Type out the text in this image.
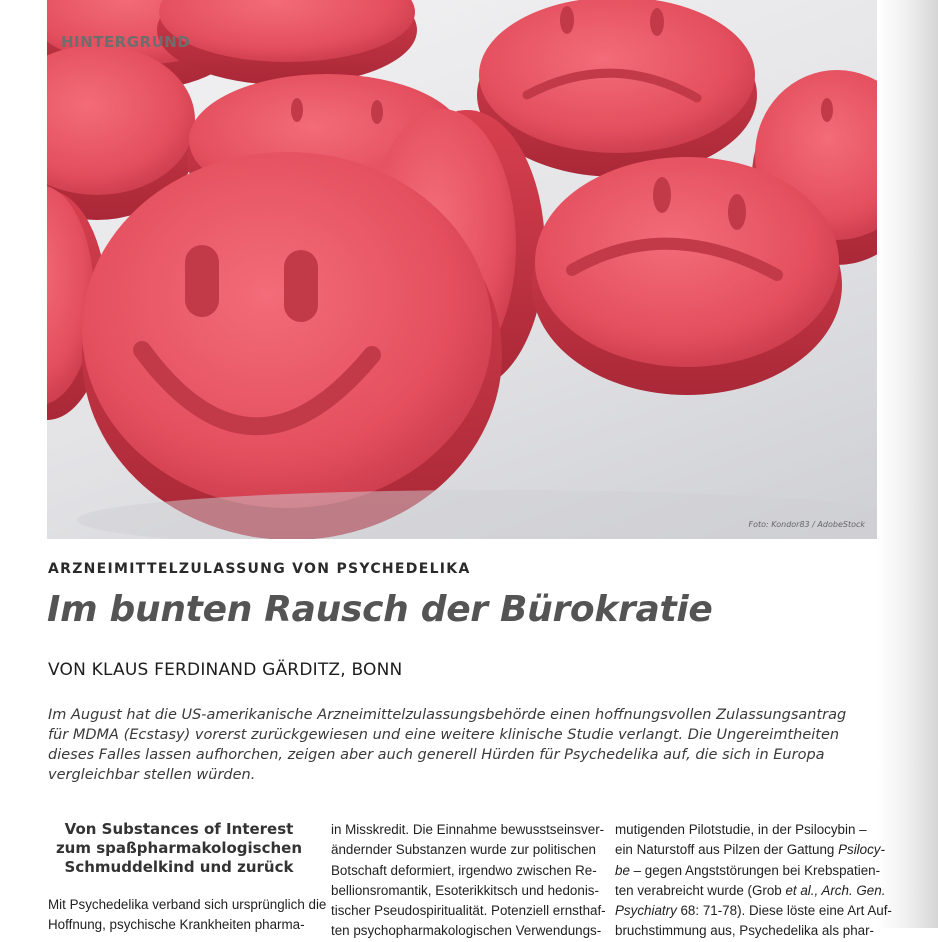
HINTERGRUND
Foto: Kondor83 / AdobeStock
ARZNEIMITTELZULASSUNG VON PSYCHEDELIKA
Im bunten Rausch der Bürokratie
VON KLAUS FERDINAND GÄRDITZ, BONN
Im August hat die US-amerikanische Arzneimittelzulassungsbehörde einen hoffnungsvollen Zulassungsantrag
für MDMA (Ecstasy) vorerst zurückgewiesen und eine weitere klinische Studie verlangt. Die Ungereimtheiten
dieses Falles lassen aufhorchen, zeigen aber auch generell Hürden für Psychedelika auf, die sich in Europa
vergleichbar stellen würden.
Von Substances of Interest
zum spaßpharmakologischen
Schmuddelkind und zurück
Mit Psychedelika verband sich ursprünglich die
Hoffnung, psychische Krankheiten pharma-
in Misskredit. Die Einnahme bewusstseinsver-
ändernder Substanzen wurde zur politischen
Botschaft deformiert, irgendwo zwischen Re-
bellionsromantik, Esoterikkitsch und hedonis-
tischer Pseudospiritualität. Potenziell ernsthaf-
ten psychopharmakologischen Verwendungs-
mutigenden Pilotstudie, in der Psilocybin –
ein Naturstoff aus Pilzen der Gattung Psilocy-
be – gegen Angststörungen bei Krebspatien-
ten verabreicht wurde (Grob et al., Arch. Gen.
Psychiatry 68: 71-78). Diese löste eine Art Auf-
bruchstimmung aus, Psychedelika als phar-
